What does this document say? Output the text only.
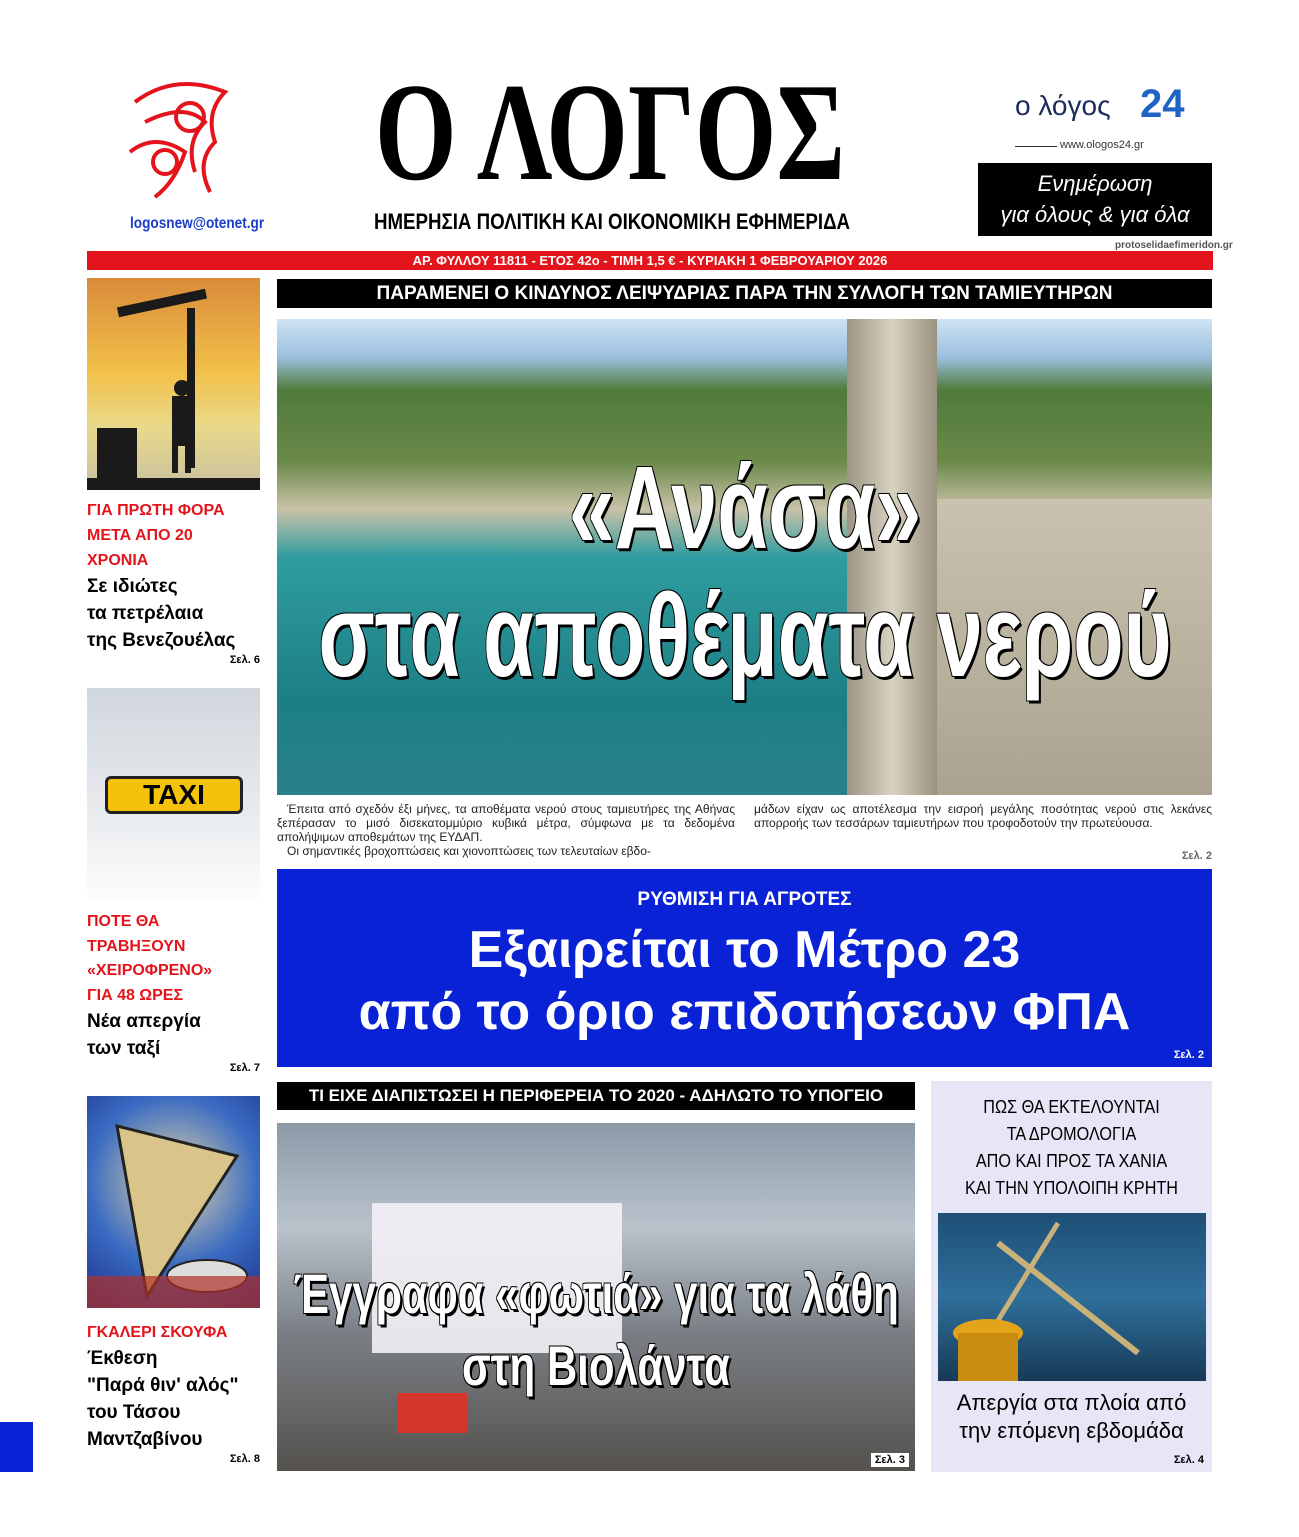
logosnew@otenet.gr
Ο ΛΟΓΟΣ
ΗΜΕΡΗΣΙΑ ΠΟΛΙΤΙΚΗ ΚΑΙ ΟΙΚΟΝΟΜΙΚΗ ΕΦΗΜΕΡΙΔΑ
ο λόγος 24
www.ologos24.gr
Ενημέρωση
για όλους & για όλα
protoselidaefimeridon.gr
ΑΡ. ΦΥΛΛΟΥ 11811 - ΕΤΟΣ 42ο - ΤΙΜΗ 1,5 € - ΚΥΡΙΑΚΗ 1 ΦΕΒΡΟΥΑΡΙΟΥ 2026
ΓΙΑ ΠΡΩΤΗ ΦΟΡΑ
ΜΕΤΑ ΑΠΟ 20
ΧΡΟΝΙΑ
Σε ιδιώτες
τα πετρέλαια
της Βενεζουέλας
Σελ. 6
TAXI
ΠΟΤΕ ΘΑ
ΤΡΑΒΗΞΟΥΝ
«ΧΕΙΡΟΦΡΕΝΟ»
ΓΙΑ 48 ΩΡΕΣ
Νέα απεργία
των ταξί
Σελ. 7
ΓΚΑΛΕΡΙ ΣΚΟΥΦΑ
Έκθεση
"Παρά θιν' αλός"
του Τάσου
Μαντζαβίνου
Σελ. 8
ΠΑΡΑΜΕΝΕΙ Ο ΚΙΝΔΥΝΟΣ ΛΕΙΨΥΔΡΙΑΣ ΠΑΡΑ ΤΗΝ ΣΥΛΛΟΓΗ ΤΩΝ ΤΑΜΙΕΥΤΗΡΩΝ
«Ανάσα»
στα αποθέματα νερού

Έπειτα από σχεδόν έξι μήνες, τα αποθέματα νερού στους ταμιευτήρες της Αθήνας ξεπέρασαν το μισό δισεκατομμύριο κυβικά μέτρα, σύμφωνα με τα δεδομένα απολήψιμων αποθεμάτων της ΕΥΔΑΠ.

Οι σημαντικές βροχοπτώσεις και χιονοπτώσεις των τελευταίων εβδο-

μάδων είχαν ως αποτέλεσμα την εισροή μεγάλης ποσότητας νερού στις λεκάνες απορροής των τεσσάρων ταμιευτήρων που τροφοδοτούν την πρωτεύουσα.
Σελ. 2
ΡΥΘΜΙΣΗ ΓΙΑ ΑΓΡΟΤΕΣ
Εξαιρείται το Μέτρο 23
από το όριο επιδοτήσεων ΦΠΑ
Σελ. 2
ΤΙ ΕΙΧΕ ΔΙΑΠΙΣΤΩΣΕΙ Η ΠΕΡΙΦΕΡΕΙΑ ΤΟ 2020 - ΑΔΗΛΩΤΟ ΤΟ ΥΠΟΓΕΙΟ
Έγγραφα «φωτιά» για τα λάθη
στη Βιολάντα
Σελ. 3
ΠΩΣ ΘΑ ΕΚΤΕΛΟΥΝΤΑΙ
ΤΑ ΔΡΟΜΟΛΟΓΙΑ
ΑΠΟ ΚΑΙ ΠΡΟΣ ΤΑ ΧΑΝΙΑ
ΚΑΙ ΤΗΝ ΥΠΟΛΟΙΠΗ ΚΡΗΤΗ
Απεργία στα πλοία από
την επόμενη εβδομάδα
Σελ. 4
